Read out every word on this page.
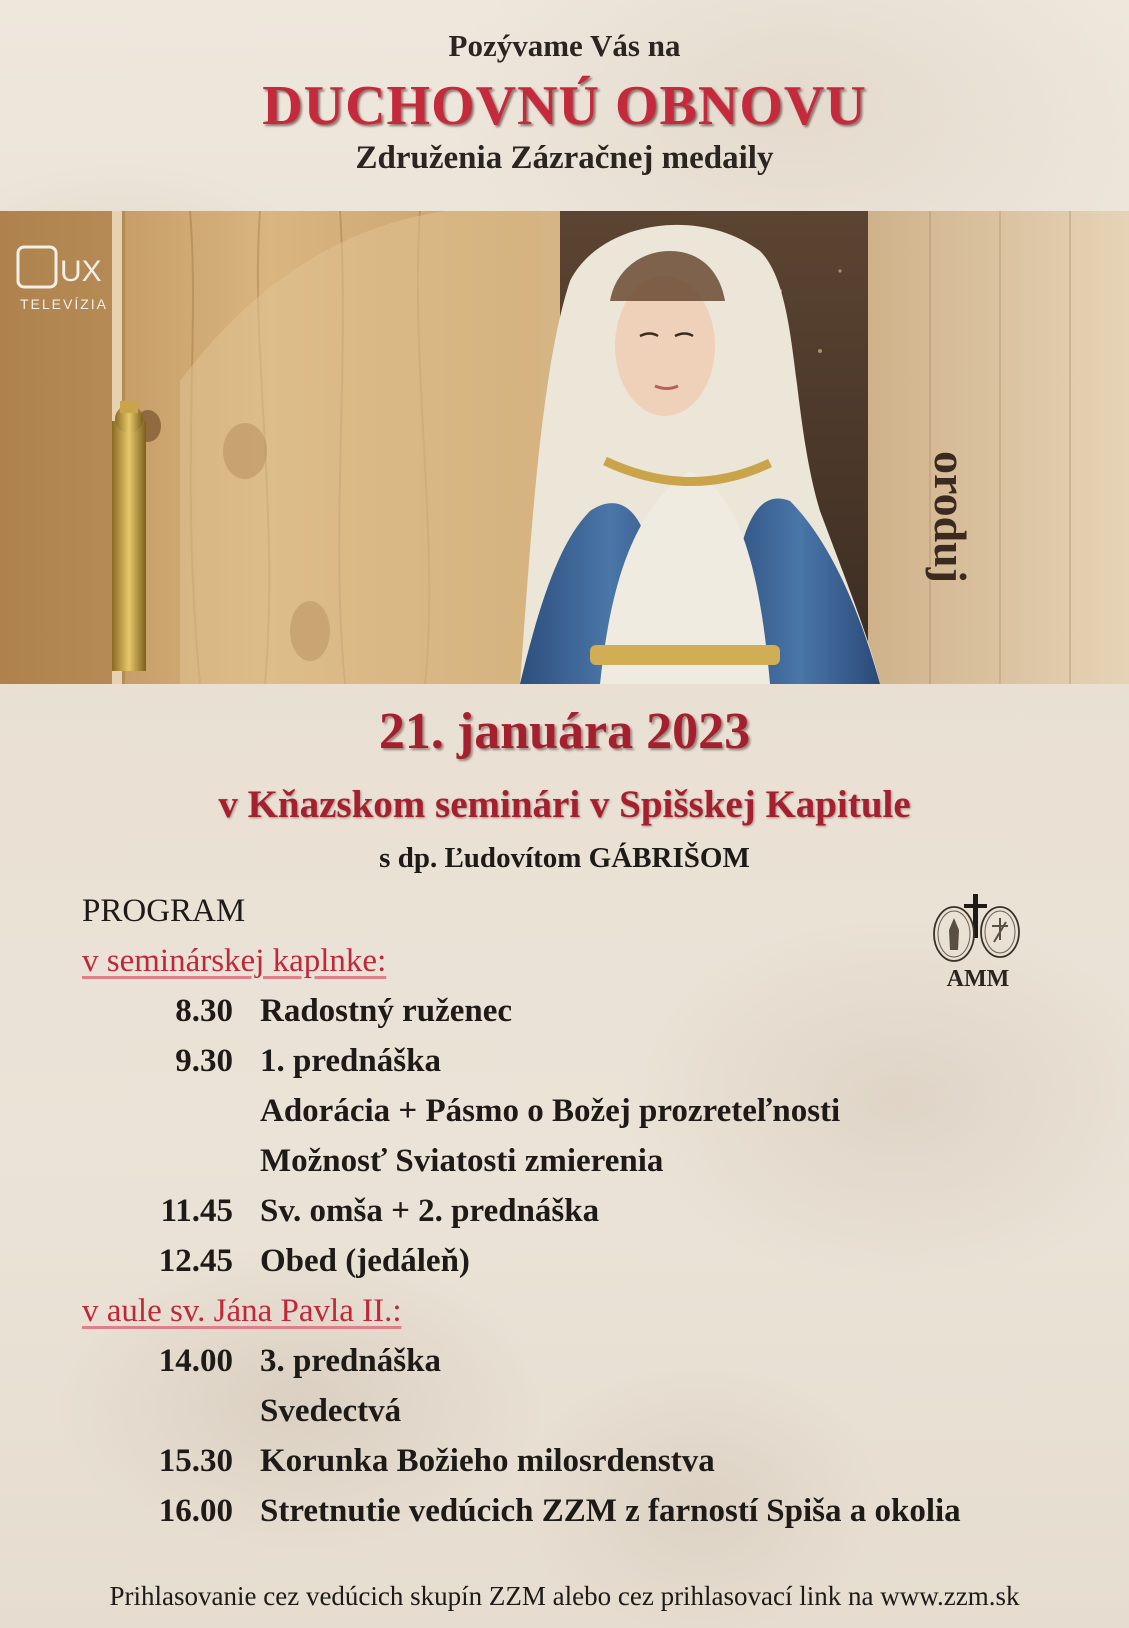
Pozývame Vás na
DUCHOVNÚ OBNOVU
Združenia Zázračnej medaily
oroduj
UX
TELEVÍZIA
21. januára 2023
v Kňazskom seminári v Spišskej Kapitule
s dp. Ľudovítom GÁBRIŠOM
PROGRAM
v seminárskej kaplnke:
8.30 Radostný ruženec
9.30 1. prednáška
Adorácia + Pásmo o Božej prozreteľnosti
Možnosť Sviatosti zmierenia
11.45 Sv. omša + 2. prednáška
12.45 Obed (jedáleň)
v aule sv. Jána Pavla II.:
14.00 3. prednáška
Svedectvá
15.30 Korunka Božieho milosrdenstva
16.00 Stretnutie vedúcich ZZM z farností Spiša a okolia
AMM
Prihlasovanie cez vedúcich skupín ZZM alebo cez prihlasovací link na www.zzm.sk
